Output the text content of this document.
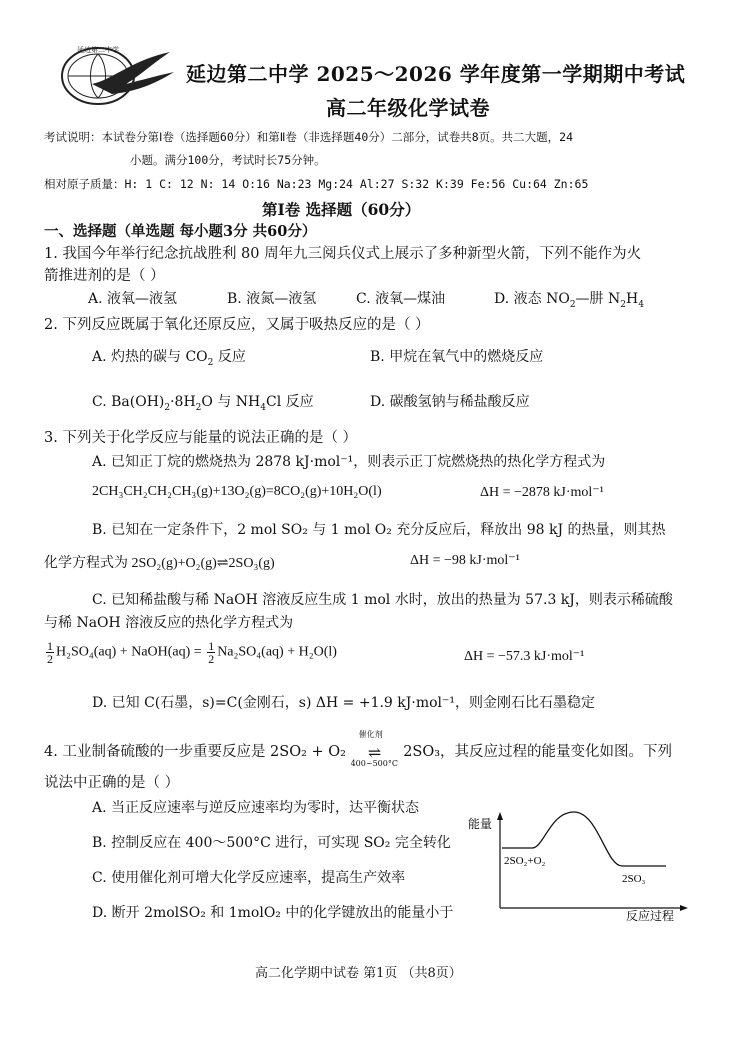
延边第二中学
延边第二中学 2025～2026 学年度第一学期期中考试
高二年级化学试卷
考试说明：本试卷分第Ⅰ卷（选择题60分）和第Ⅱ卷（非选择题40分）二部分，试卷共8页。共二大题，24
小题。满分100分，考试时长75分钟。
相对原子质量：H: 1 C: 12 N: 14 O:16 Na:23 Mg:24 Al:27 S:32 K:39 Fe:56 Cu:64 Zn:65
第Ⅰ卷 选择题（60分）
一、选择题（单选题 每小题3分 共60分）
1. 我国今年举行纪念抗战胜利 80 周年九三阅兵仪式上展示了多种新型火箭，下列不能作为火
箭推进剂的是（ ）
A. 液氧—液氢	B. 液氮—液氢	C. 液氧—煤油	D. 液态 $NO_2—$肼 $N_2H_4$
2. 下列反应既属于氧化还原反应，又属于吸热反应的是（ ）
A. 灼热的碳与 $CO_2$ 反应	B. 甲烷在氧气中的燃烧反应
C. $Ba(OH)_2\cdot 8H_2O$ 与 $NH_4Cl$ 反应	D. 碳酸氢钠与稀盐酸反应
3. 下列关于化学反应与能量的说法正确的是（ ）
A. 已知正丁烷的燃烧热为 2878 kJ·mol⁻¹，则表示正丁烷燃烧热的热化学方程式为
2CH₃CH₂CH₂CH₃(g)+13O₂(g)=8CO₂(g)+10H₂O(l)	ΔH = −2878 kJ·mol⁻¹
B. 已知在一定条件下，2 mol SO₂ 与 1 mol O₂ 充分反应后，释放出 98 kJ 的热量，则其热
化学方程式为 2SO₂(g)+O₂(g)⇌2SO₃(g)	ΔH = −98 kJ·mol⁻¹
C. 已知稀盐酸与稀 NaOH 溶液反应生成 1 mol 水时，放出的热量为 57.3 kJ，则表示稀硫酸
与稀 NaOH 溶液反应的热化学方程式为
$\frac{1}{2} H_2SO_4(aq)$ + NaOH(aq) = $\frac{1}{2} Na_2SO_4(aq) + H_2O(l)$	ΔH = −57.3 kJ·mol⁻¹
D. 已知 C(石墨，s)=C(金刚石，s) ΔH = +1.9 kJ·mol⁻¹，则金刚石比石墨稳定
4. 工业制备硫酸的一步重要反应是 2SO₂ + O₂
催化剂
⇌
400~500°C
2SO₃，其反应过程的能量变化如图。下列
说法中正确的是（ ）
A. 当正反应速率与逆反应速率均为零时，达平衡状态
B. 控制反应在 400～500°C 进行，可实现 SO₂ 完全转化
C. 使用催化剂可增大化学反应速率，提高生产效率
D. 断开 2molSO₂ 和 1molO₂ 中的化学键放出的能量小于
能量
反应过程
2SO₂+O₂
2SO₃
高二化学期中试卷 第1页 （共8页）
